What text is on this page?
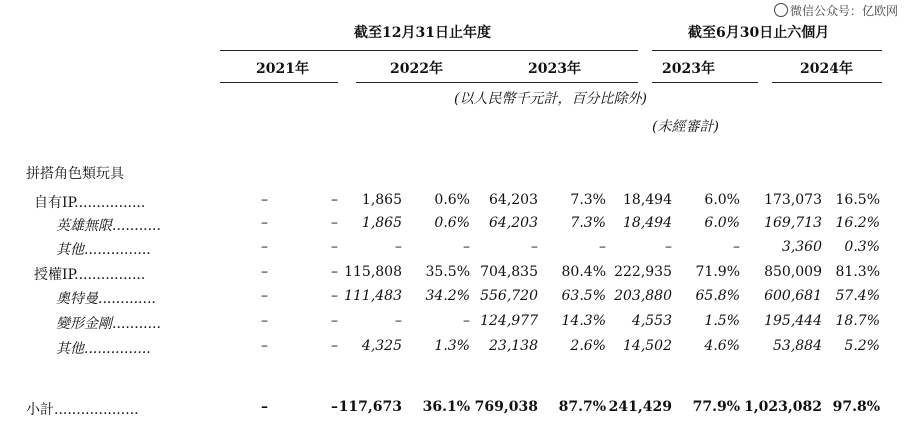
微信公众号：亿欧网
截至12月31日止年度	截至6月30日止六個月
2021年	2022年	2023年	2023年	2024年
(以人民幣千元計，百分比除外)
(未經審計)
拼搭角色類玩具
自有IP................	–	– 1,865 0.6% 64,203 7.3% 18,494 6.0% 173,073 16.5%
英雄無限...........	–	– 1,865 0.6% 64,203 7.3% 18,494 6.0% 169,713 16.2%
其他...............	–	–	–	–	–	–	–	–	3,360 0.3%
授權IP................	–	– 115,808 35.5% 704,835 80.4% 222,935 71.9% 850,009 81.3%
奧特曼.............	–	– 111,483 34.2% 556,720 63.5% 203,880 65.8% 600,681 57.4%
變形金剛...........	–	–	–	– 124,977 14.3% 4,553 1.5% 195,444 18.7%
其他...............	–	– 4,325 1.3% 23,138 2.6% 14,502 4.6% 53,884 5.2%
小計...................	–	– 117,673 36.1% 769,038 87.7% 241,429 77.9% 1,023,082 97.8%
